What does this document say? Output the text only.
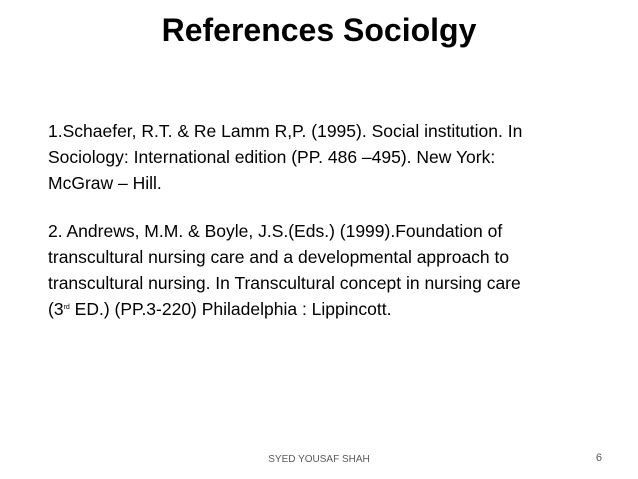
References Sociolgy

1.Schaefer, R.T. & Re Lamm R,P. (1995). Social institution. In
Sociology: International edition (PP. 486 –495). New York:
McGraw – Hill.

2. Andrews, M.M. & Boyle, J.S.(Eds.) (1999).Foundation of
transcultural nursing care and a developmental approach to
transcultural nursing. In Transcultural concept in nursing care
(3rd ED.) (PP.3-220) Philadelphia : Lippincott.

SYED YOUSAF SHAH	6
